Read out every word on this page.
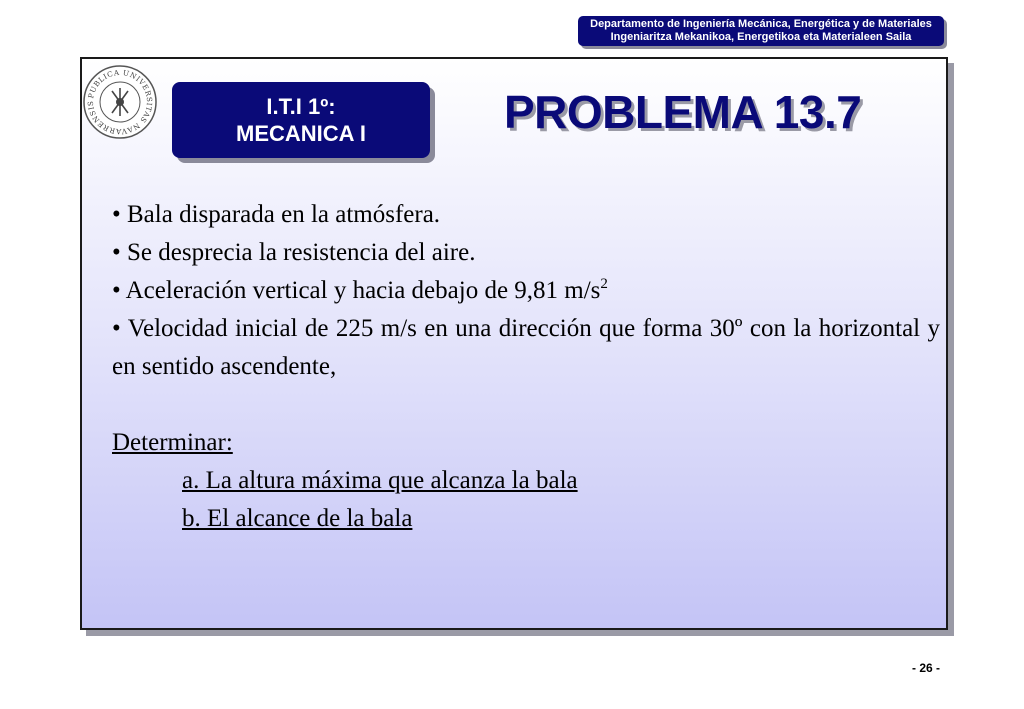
Departamento de Ingeniería Mecánica, Energética y de Materiales
Ingeniaritza Mekanikoa, Energetikoa eta Materialeen Saila
PUBLICA UNIVERSITAS NAVARRENSIS	I.T.I 1º:
MECANICA I	PROBLEMA 13.7

• Bala disparada en la atmósfera.

• Se desprecia la resistencia del aire.

• Aceleración vertical y hacia debajo de 9,81 $m/s^2$

• Velocidad inicial de 225 m/s en una dirección que forma 30º con la horizontal y en sentido ascendente,

Determinar:

a. La altura máxima que alcanza la bala

b. El alcance de la bala

- 26 -
